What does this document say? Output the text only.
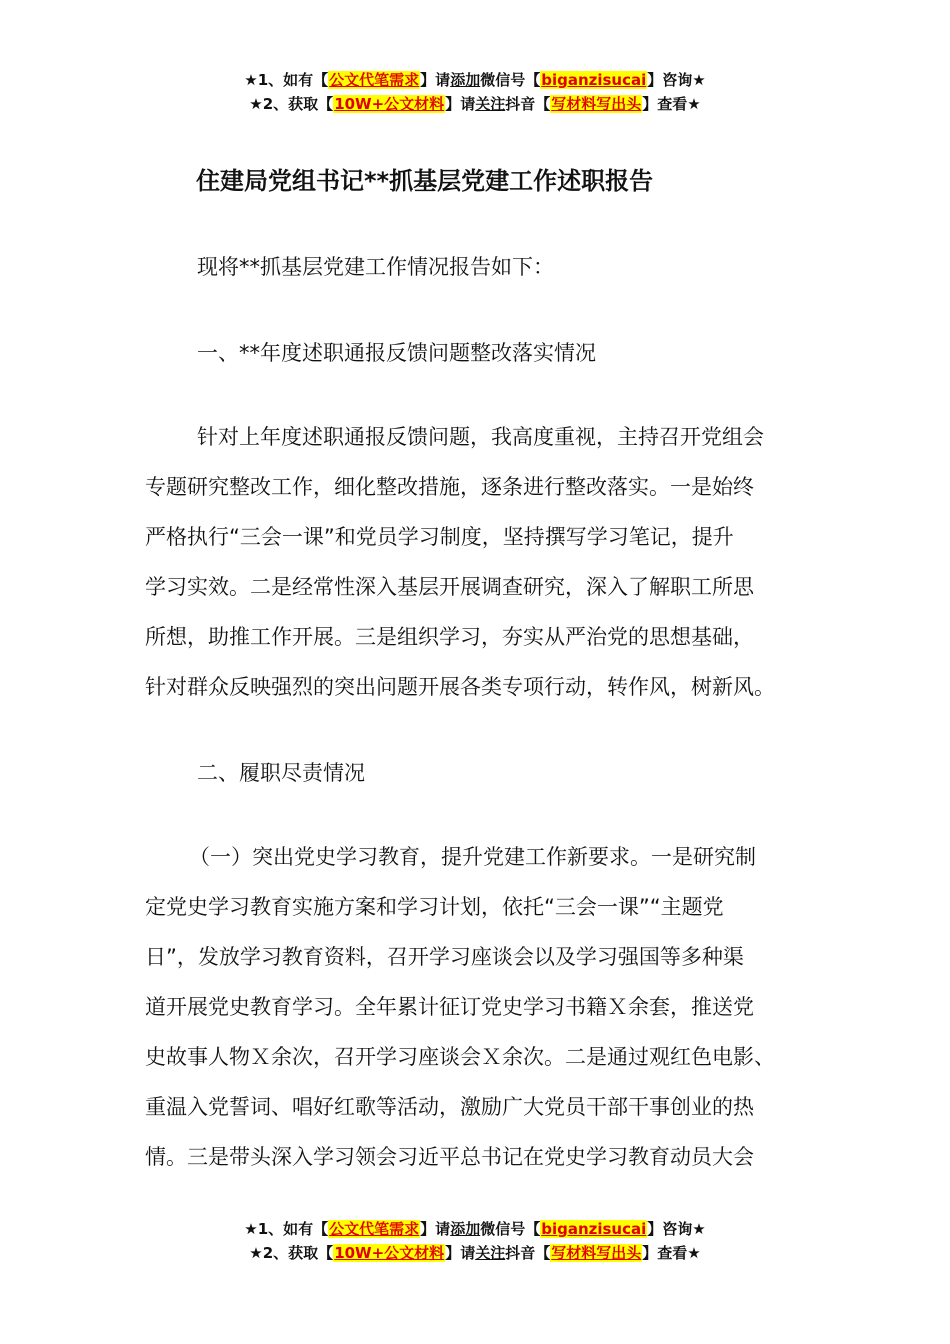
★1、如有【公文代笔需求】请添加微信号【biganzisucai】咨询★
★2、获取【10W+公文材料】请关注抖音【写材料写出头】查看★
住建局党组书记**抓基层党建工作述职报告

现将**抓基层党建工作情况报告如下：

一、**年度述职通报反馈问题整改落实情况

针对上年度述职通报反馈问题，我高度重视，主持召开党组会
专题研究整改工作，细化整改措施，逐条进行整改落实。一是始终
严格执行“三会一课”和党员学习制度，坚持撰写学习笔记，提升
学习实效。二是经常性深入基层开展调查研究，深入了解职工所思
所想，助推工作开展。三是组织学习，夯实从严治党的思想基础，
针对群众反映强烈的突出问题开展各类专项行动，转作风，树新风。

二、履职尽责情况

（一）突出党史学习教育，提升党建工作新要求。一是研究制
定党史学习教育实施方案和学习计划，依托“三会一课”“主题党
日”，发放学习教育资料，召开学习座谈会以及学习强国等多种渠
道开展党史教育学习。全年累计征订党史学习书籍Ｘ余套，推送党
史故事人物Ｘ余次，召开学习座谈会Ｘ余次。二是通过观红色电影、
重温入党誓词、唱好红歌等活动，激励广大党员干部干事创业的热
情。三是带头深入学习领会习近平总书记在党史学习教育动员大会

★1、如有【公文代笔需求】请添加微信号【biganzisucai】咨询★
★2、获取【10W+公文材料】请关注抖音【写材料写出头】查看★
